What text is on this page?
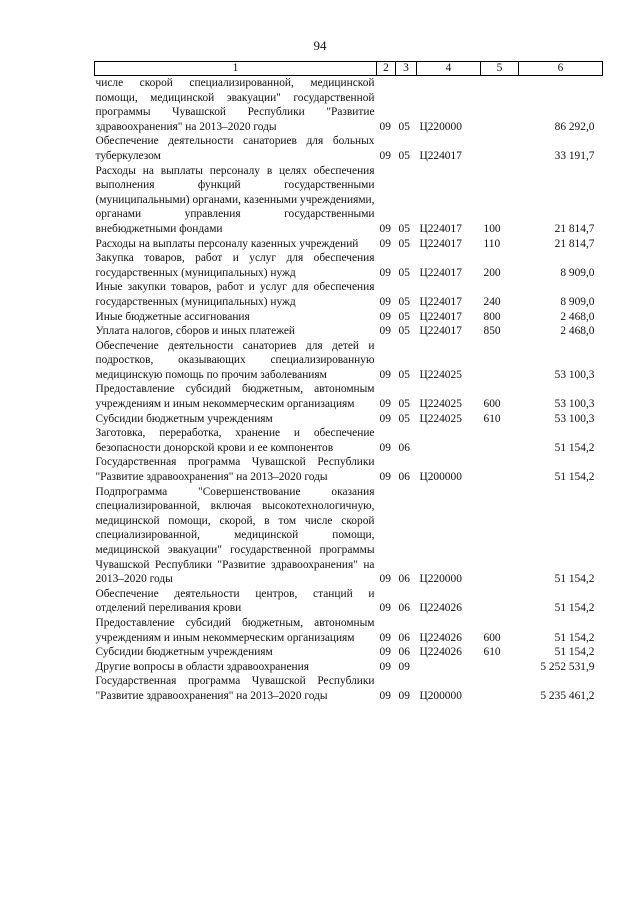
94
1	2	3	4	5	6
числе скорой специализированной, медицинской помощи, медицинской эвакуации" государственной программы Чувашской Республики "Развитие здравоохранения" на 2013–2020 годы	09	05	Ц220000		86 292,0
Обеспечение деятельности санаториев для больных туберкулезом	09	05	Ц224017		33 191,7
Расходы на выплаты персоналу в целях обеспечения выполнения функций государственными (муниципальными) органами, казенными учреждениями, органами управления государственными внебюджетными фондами	09	05	Ц224017	100	21 814,7
Расходы на выплаты персоналу казенных учреждений	09	05	Ц224017	110	21 814,7
Закупка товаров, работ и услуг для обеспечения государственных (муниципальных) нужд	09	05	Ц224017	200	8 909,0
Иные закупки товаров, работ и услуг для обеспечения государственных (муниципальных) нужд	09	05	Ц224017	240	8 909,0
Иные бюджетные ассигнования	09	05	Ц224017	800	2 468,0
Уплата налогов, сборов и иных платежей	09	05	Ц224017	850	2 468,0
Обеспечение деятельности санаториев для детей и подростков, оказывающих специализированную медицинскую помощь по прочим заболеваниям	09	05	Ц224025		53 100,3
Предоставление субсидий бюджетным, автономным учреждениям и иным некоммерческим организациям	09	05	Ц224025	600	53 100,3
Субсидии бюджетным учреждениям	09	05	Ц224025	610	53 100,3
Заготовка, переработка, хранение и обеспечение безопасности донорской крови и ее компонентов	09	06			51 154,2
Государственная программа Чувашской Республики "Развитие здравоохранения" на 2013–2020 годы	09	06	Ц200000		51 154,2
Подпрограмма "Совершенствование оказания специализированной, включая высокотехнологичную, медицинской помощи, скорой, в том числе скорой специализированной, медицинской помощи, медицинской эвакуации" государственной программы Чувашской Республики "Развитие здравоохранения" на 2013–2020 годы	09	06	Ц220000		51 154,2
Обеспечение деятельности центров, станций и отделений переливания крови	09	06	Ц224026		51 154,2
Предоставление субсидий бюджетным, автономным учреждениям и иным некоммерческим организациям	09	06	Ц224026	600	51 154,2
Субсидии бюджетным учреждениям	09	06	Ц224026	610	51 154,2
Другие вопросы в области здравоохранения	09	09			5 252 531,9
Государственная программа Чувашской Республики "Развитие здравоохранения" на 2013–2020 годы	09	09	Ц200000		5 235 461,2
